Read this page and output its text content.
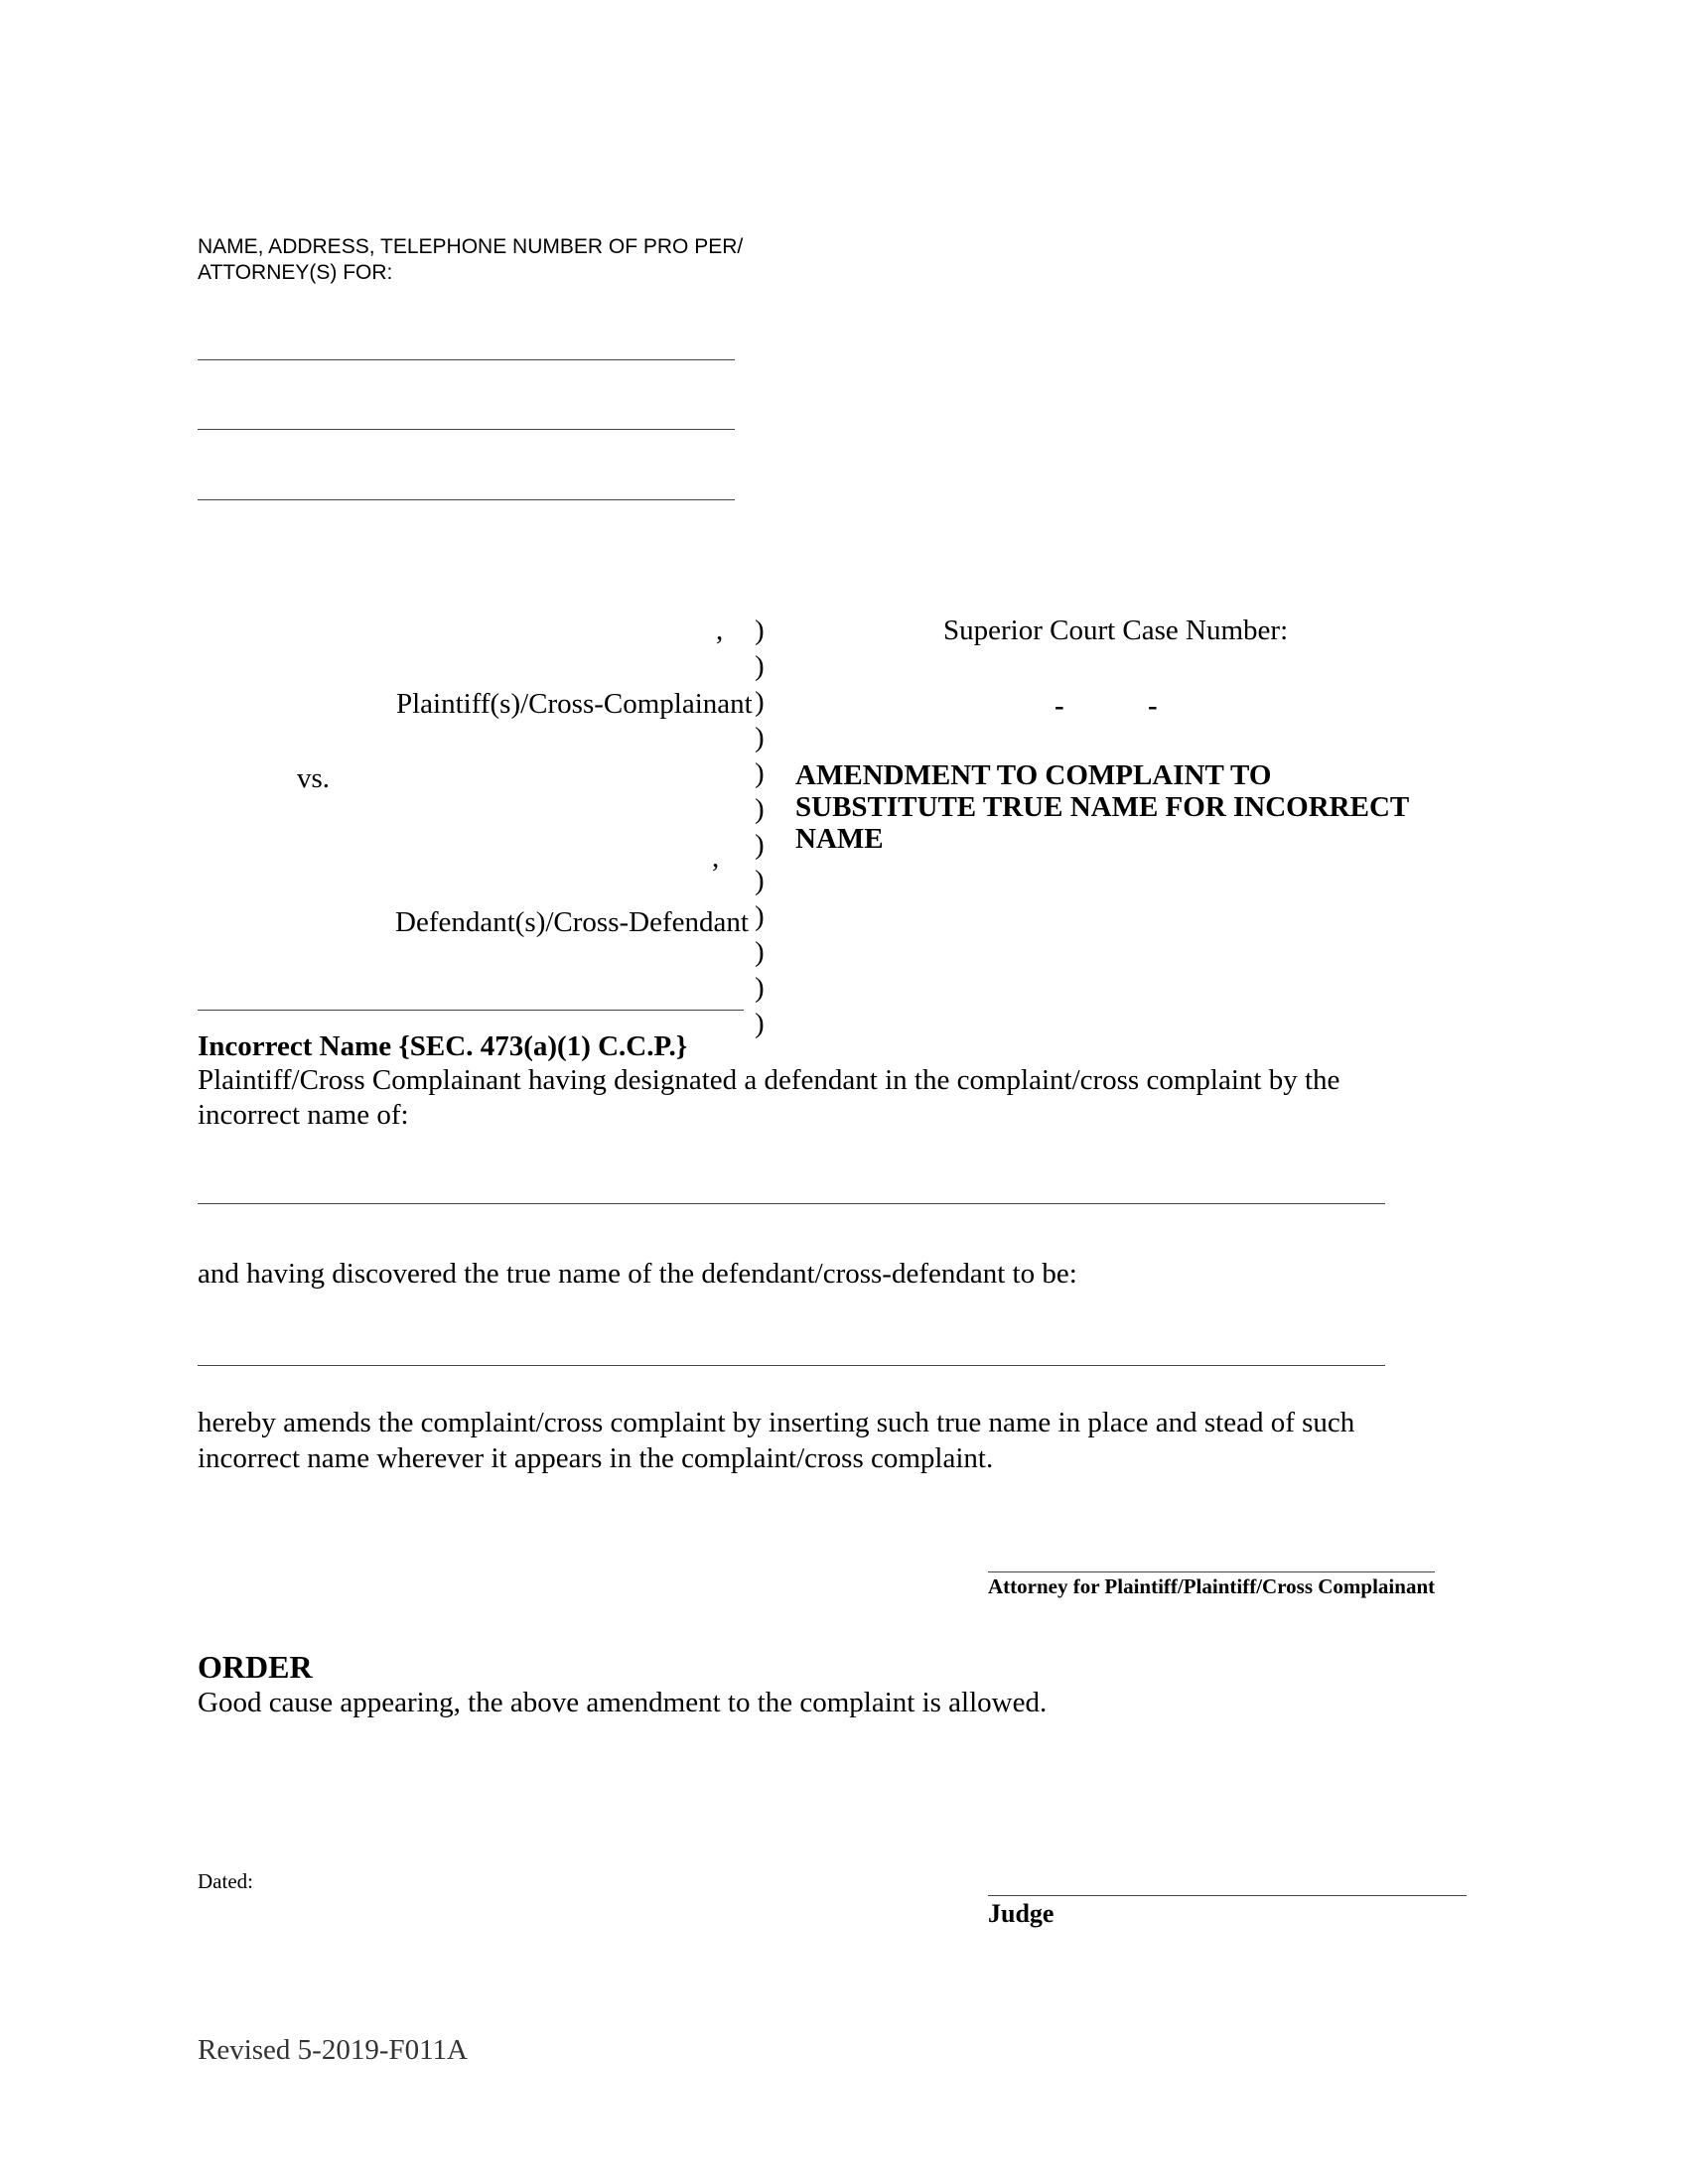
NAME, ADDRESS, TELEPHONE NUMBER OF PRO PER/
ATTORNEY(S) FOR:
,
Plaintiff(s)/Cross-Complainant
vs.
,
Defendant(s)/Cross-Defendant
)
)
)
)
)
)
)
)
)
)
)
)
Superior Court Case Number:
-	-
AMENDMENT TO COMPLAINT TO
SUBSTITUTE TRUE NAME FOR INCORRECT
NAME
Incorrect Name {SEC. 473(a)(1) C.C.P.}
Plaintiff/Cross Complainant having designated a defendant in the complaint/cross complaint by the
incorrect name of:
and having discovered the true name of the defendant/cross-defendant to be:
hereby amends the complaint/cross complaint by inserting such true name in place and stead of such
incorrect name wherever it appears in the complaint/cross complaint.
Attorney for Plaintiff/Plaintiff/Cross Complainant
ORDER
Good cause appearing, the above amendment to the complaint is allowed.
Dated:
Judge
Revised 5-2019-F011A
